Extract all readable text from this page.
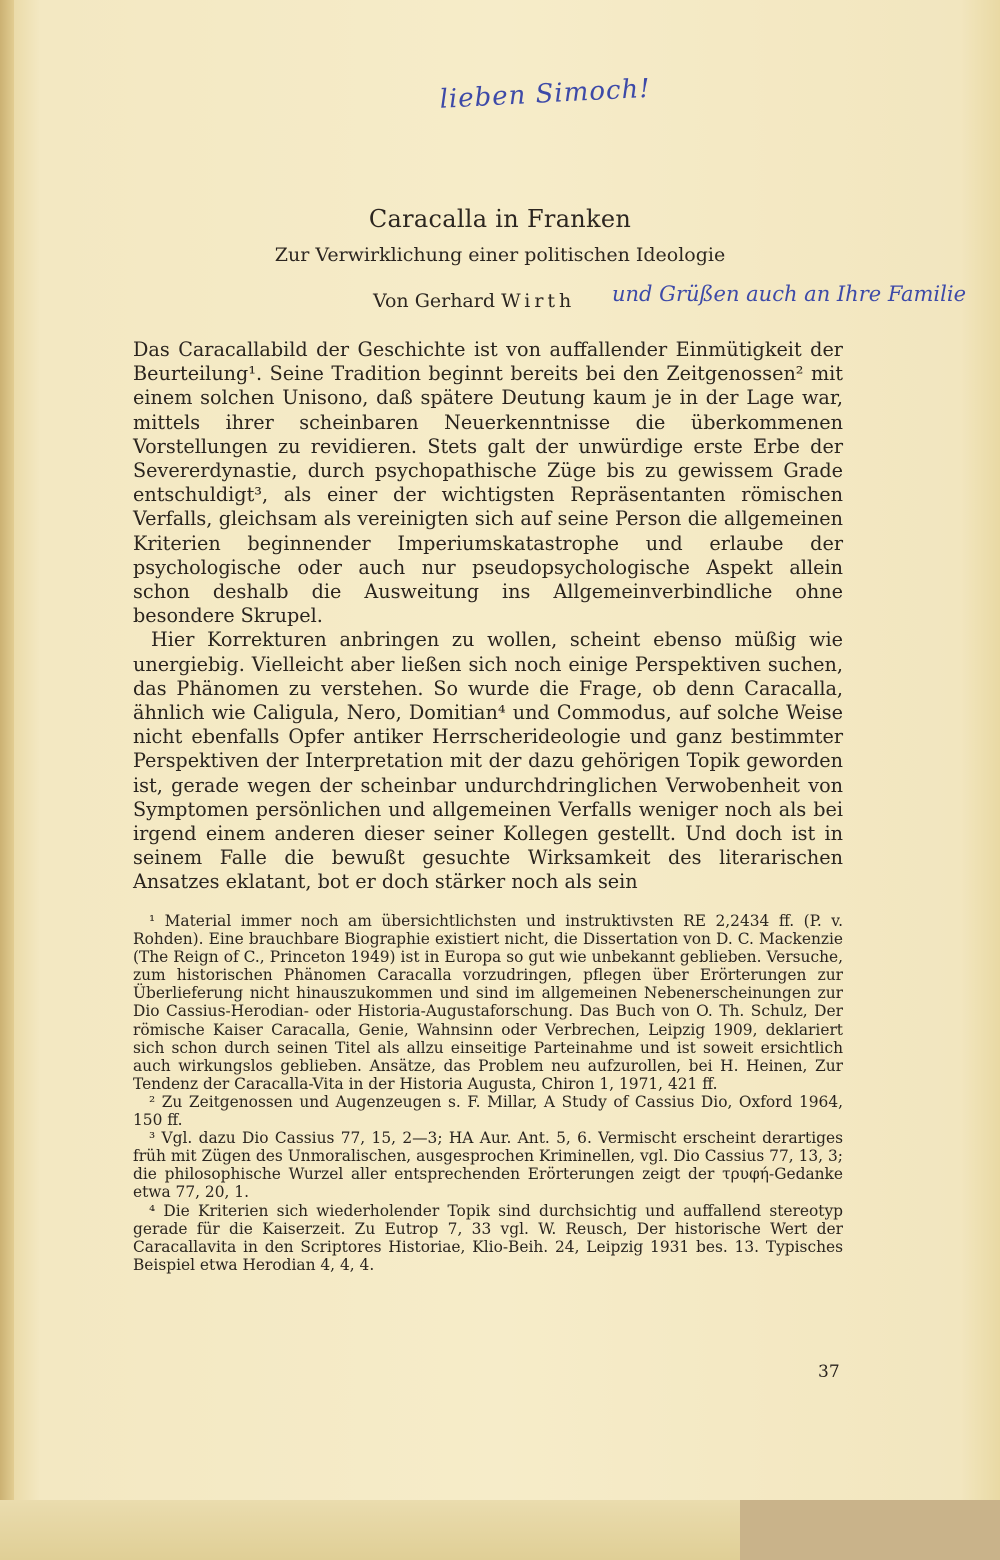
lieben Simoch!
Caracalla in Franken
Zur Verwirklichung einer politischen Ideologie
Von Gerhard Wirth und Grüßen auch an Ihre Familie

Das Caracallabild der Geschichte ist von auffallender Einmütigkeit der Beurteilung¹. Seine Tradition beginnt bereits bei den Zeitgenossen² mit einem solchen Unisono, daß spätere Deutung kaum je in der Lage war, mittels ihrer scheinbaren Neuerkenntnisse die überkommenen Vorstellungen zu revidieren. Stets galt der unwürdige erste Erbe der Severerdynastie, durch psychopathische Züge bis zu gewissem Grade entschuldigt³, als einer der wichtigsten Repräsentanten römischen Verfalls, gleichsam als vereinigten sich auf seine Person die allgemeinen Kriterien beginnender Imperiumskatastrophe und erlaube der psychologische oder auch nur pseudopsychologische Aspekt allein schon deshalb die Ausweitung ins Allgemeinverbindliche ohne besondere Skrupel.

Hier Korrekturen anbringen zu wollen, scheint ebenso müßig wie unergiebig. Vielleicht aber ließen sich noch einige Perspektiven suchen, das Phänomen zu verstehen. So wurde die Frage, ob denn Caracalla, ähnlich wie Caligula, Nero, Domitian⁴ und Commodus, auf solche Weise nicht ebenfalls Opfer antiker Herrscherideologie und ganz bestimmter Perspektiven der Interpretation mit der dazu gehörigen Topik geworden ist, gerade wegen der scheinbar undurchdringlichen Verwobenheit von Symptomen persönlichen und allgemeinen Verfalls weniger noch als bei irgend einem anderen dieser seiner Kollegen gestellt. Und doch ist in seinem Falle die bewußt gesuchte Wirksamkeit des literarischen Ansatzes eklatant, bot er doch stärker noch als sein

¹ Material immer noch am übersichtlichsten und instruktivsten RE 2,2434 ff. (P. v. Rohden). Eine brauchbare Biographie existiert nicht, die Dissertation von D. C. Mackenzie (The Reign of C., Princeton 1949) ist in Europa so gut wie unbekannt geblieben. Versuche, zum historischen Phänomen Caracalla vorzudringen, pflegen über Erörterungen zur Überlieferung nicht hinauszukommen und sind im allgemeinen Nebenerscheinungen zur Dio Cassius-Herodian- oder Historia-Augustaforschung. Das Buch von O. Th. Schulz, Der römische Kaiser Caracalla, Genie, Wahnsinn oder Verbrechen, Leipzig 1909, deklariert sich schon durch seinen Titel als allzu einseitige Parteinahme und ist soweit ersichtlich auch wirkungslos geblieben. Ansätze, das Problem neu aufzurollen, bei H. Heinen, Zur Tendenz der Caracalla-Vita in der Historia Augusta, Chiron 1, 1971, 421 ff.

² Zu Zeitgenossen und Augenzeugen s. F. Millar, A Study of Cassius Dio, Oxford 1964, 150 ff.

³ Vgl. dazu Dio Cassius 77, 15, 2—3; HA Aur. Ant. 5, 6. Vermischt erscheint derartiges früh mit Zügen des Unmoralischen, ausgesprochen Kriminellen, vgl. Dio Cassius 77, 13, 3; die philosophische Wurzel aller entsprechenden Erörterungen zeigt der τρυφή-Gedanke etwa 77, 20, 1.

⁴ Die Kriterien sich wiederholender Topik sind durchsichtig und auffallend stereotyp gerade für die Kaiserzeit. Zu Eutrop 7, 33 vgl. W. Reusch, Der historische Wert der Caracallavita in den Scriptores Historiae, Klio-Beih. 24, Leipzig 1931 bes. 13. Typisches Beispiel etwa Herodian 4, 4, 4.

37
